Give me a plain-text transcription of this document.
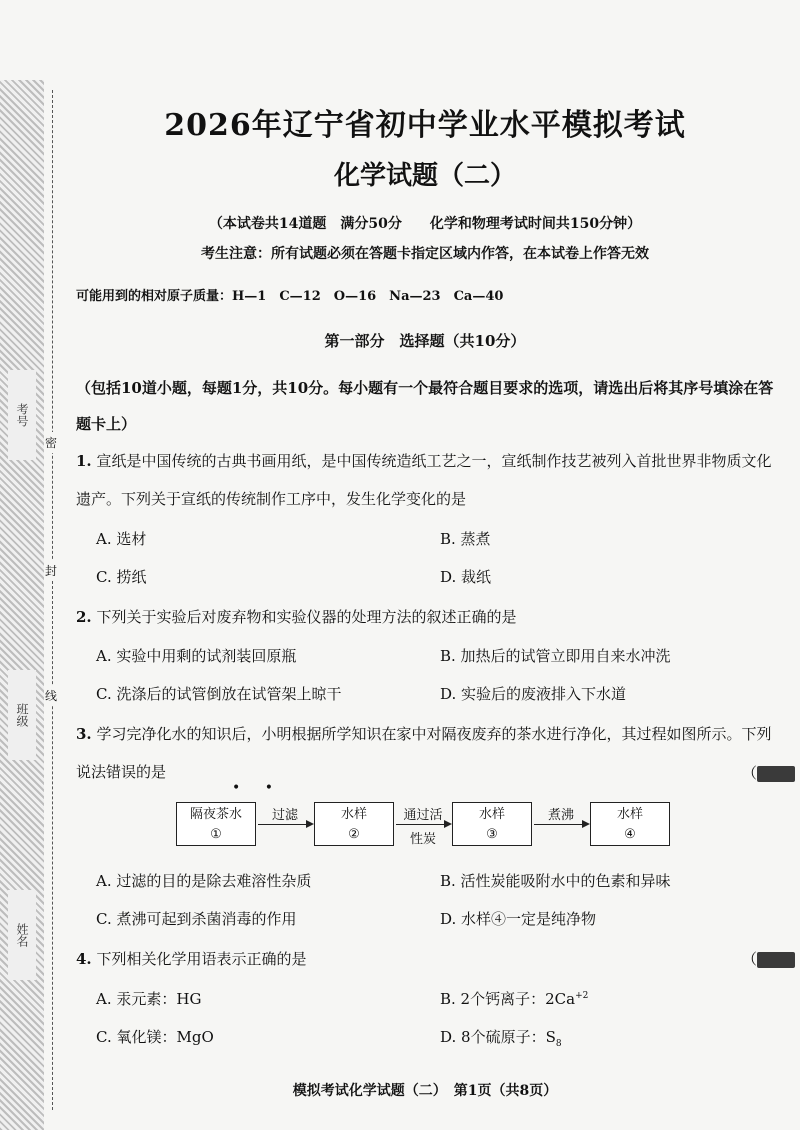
考号
班级
姓名
密
封
线
2026年辽宁省初中学业水平模拟考试
化学试题（二）
（本试卷共14道题　满分50分　　化学和物理考试时间共150分钟）
考生注意：所有试题必须在答题卡指定区域内作答，在本试卷上作答无效
可能用到的相对原子质量：H—1　C—12　O—16　Na—23　Ca—40
第一部分　选择题（共10分）
（包括10道小题，每题1分，共10分。每小题有一个最符合题目要求的选项，请选出后将其序号填涂在答题卡上）
1. 宣纸是中国传统的古典书画用纸，是中国传统造纸工艺之一，宣纸制作技艺被列入首批世界非物质文化遗产。下列关于宣纸的传统制作工序中，发生化学变化的是
A. 选材	B. 蒸煮
C. 捞纸	D. 裁纸
2. 下列关于实验后对废弃物和实验仪器的处理方法的叙述正确的是
A. 实验中用剩的试剂装回原瓶	B. 加热后的试管立即用自来水冲洗
C. 洗涤后的试管倒放在试管架上晾干	D. 实验后的废液排入下水道
3. 学习完净化水的知识后，小明根据所学知识在家中对隔夜废弃的茶水进行净化，其过程如图所示。下列说法错误的是
• •
（
隔夜茶水
①
过滤	水样
②
通过活
性炭
水样
③
煮沸	水样
④
A. 过滤的目的是除去难溶性杂质	B. 活性炭能吸附水中的色素和异味
C. 煮沸可起到杀菌消毒的作用	D. 水样④一定是纯净物
4. 下列相关化学用语表示正确的是	（
A. 汞元素：HG	B. 2个钙离子：$2Ca^{+2}$
C. 氧化镁：MgO	D. 8个硫原子：$S_8$
模拟考试化学试题（二）　第1页（共8页）
